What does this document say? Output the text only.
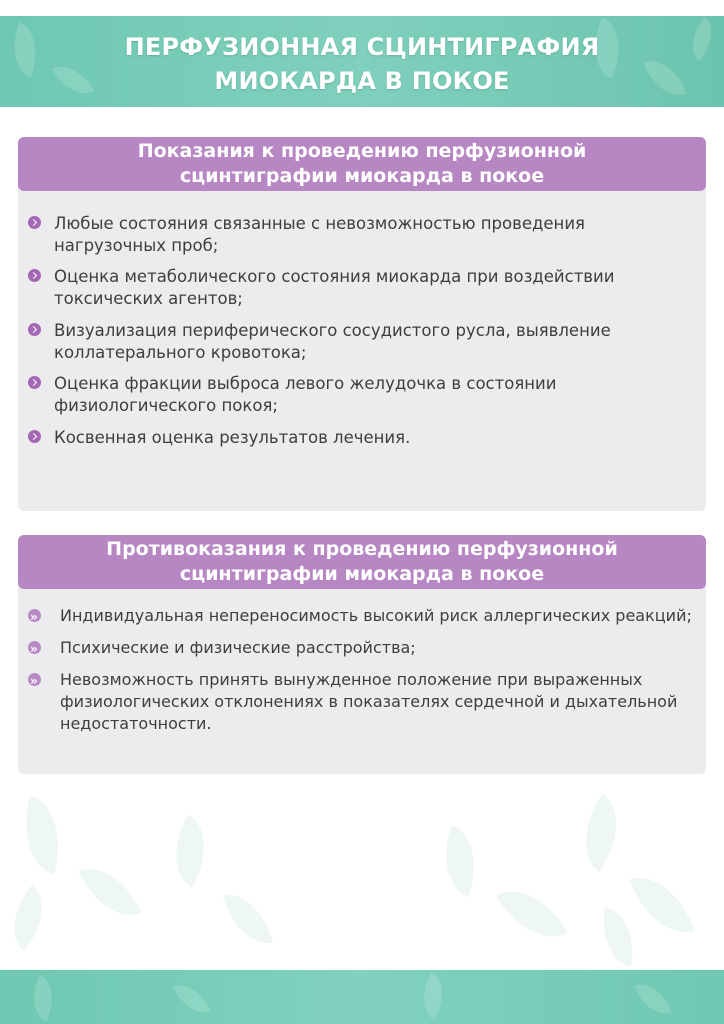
ПЕРФУЗИОННАЯ СЦИНТИГРАФИЯ
МИОКАРДА В ПОКОЕ
Показания к проведению перфузионной
сцинтиграфии миокарда в покое
Любые состояния связанные с невозможностью проведения
нагрузочных проб;
Оценка метаболического состояния миокарда при воздействии
токсических агентов;
Визуализация периферического сосудистого русла, выявление
коллатерального кровотока;
Оценка фракции выброса левого желудочка в состоянии
физиологического покоя;
Косвенная оценка результатов лечения.
Противоказания к проведению перфузионной
сцинтиграфии миокарда в покое
»
Индивидуальная непереносимость высокий риск аллергических реакций;
»
Психические и физические расстройства;
»
Невозможность принять вынужденное положение при выраженных
физиологических отклонениях в показателях сердечной и дыхательной
недостаточности.
